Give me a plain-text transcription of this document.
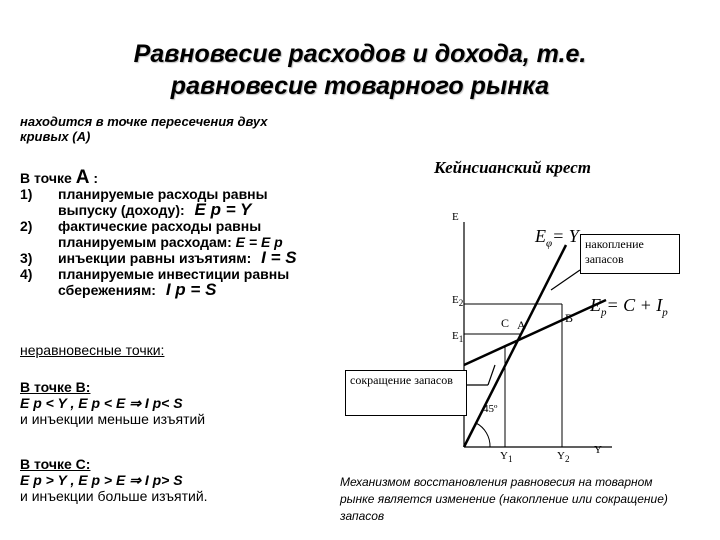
Равновесие расходов и дохода, т.е.
равновесие товарного рынка
находится в точке пересечения двух
кривых (А)
В точке А :
1)	планируемые расходы равны
выпуску (доходу): E p = Y
2)	фактические расходы равны
планируемым расходам: E = E p
3)	инъекции равны изъятиям: I = S
4)	планируемые инвестиции равны
сбережениям: I p = S
неравновесные точки:
В точке В:
E p < Y , E p < E ⇒ I p< S
и инъекции меньше изъятий
В точке С:
E p > Y , E p > E ⇒ I p> S
и инъекции больше изъятий.
Кейнсианский крест
E
Y
$E_2$
$E_1$
$Y_1$	$Y_2$
45º
A	B
C
$E_\varphi= Y$
$E_p= C + I_p$
накопление запасов
сокращение запасов
Механизмом восстановления равновесия на товарном рынке является изменение (накопление или сокращение) запасов
